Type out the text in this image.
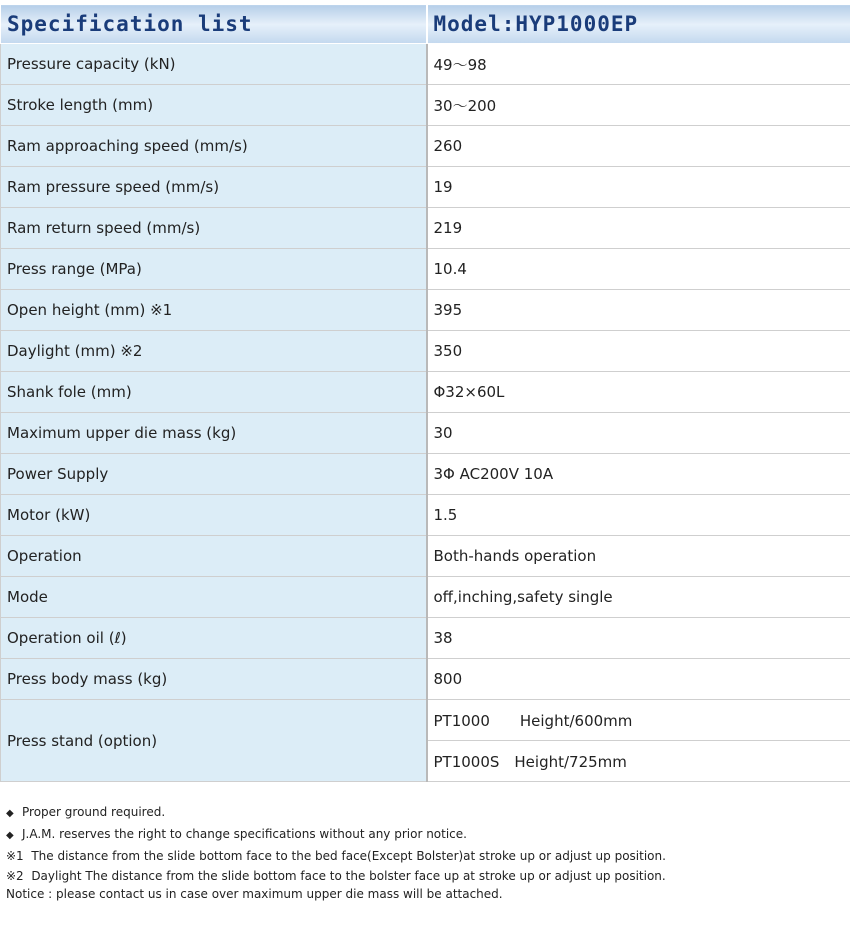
Specification list	Model:HYP1000EP
Pressure capacity (kN)	49～98
Stroke length (mm)	30～200
Ram approaching speed (mm/s)	260
Ram pressure speed (mm/s)	19
Ram return speed (mm/s)	219
Press range (MPa)	10.4
Open height (mm) ※1	395
Daylight (mm) ※2	350
Shank fole (mm)	Φ32×60L
Maximum upper die mass (kg)	30
Power Supply	3Φ AC200V 10A
Motor (kW)	1.5
Operation	Both-hands operation
Mode	off,inching,safety single
Operation oil (ℓ)	38
Press body mass (kg)	800
Press stand (option)	PT1000　　Height/600mm
	PT1000S　Height/725mm
◆ Proper ground required.
◆ J.A.M. reserves the right to change specifications without any prior notice.
※1  The distance from the slide bottom face to the bed face(Except Bolster)at stroke up or adjust up position.
※2  Daylight The distance from the slide bottom face to the bolster face up at stroke up or adjust up position.
Notice : please contact us in case over maximum upper die mass will be attached.
